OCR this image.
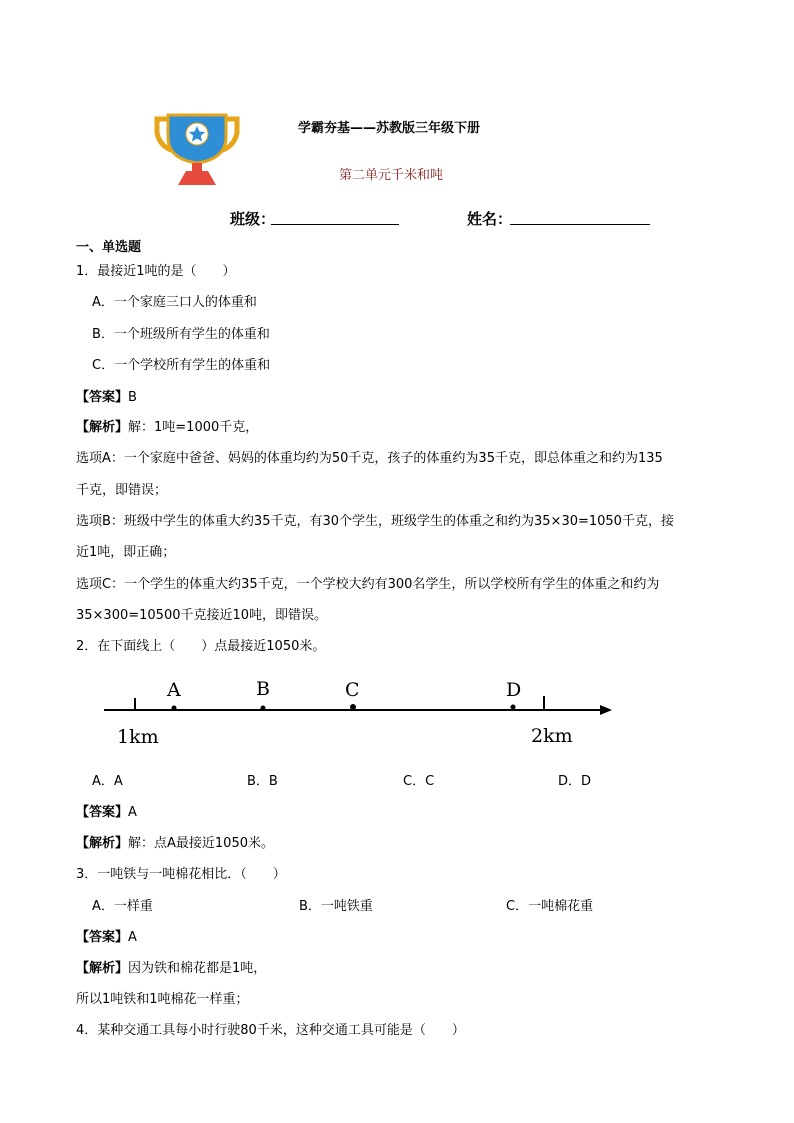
学霸夯基——苏教版三年级下册
第二单元千米和吨
班级：	姓名：
一、单选题
1．最接近1吨的是（　　）
A．一个家庭三口人的体重和
B．一个班级所有学生的体重和
C．一个学校所有学生的体重和
【答案】B
【解析】解：1吨=1000千克，
选项A：一个家庭中爸爸、妈妈的体重均约为50千克，孩子的体重约为35千克，即总体重之和约为135
千克，即错误；
选项B：班级中学生的体重大约35千克，有30个学生，班级学生的体重之和约为35×30=1050千克，接
近1吨，即正确；
选项C：一个学生的体重大约35千克，一个学校大约有300名学生，所以学校所有学生的体重之和约为
35×300=10500千克接近10吨，即错误。
2．在下面线上（　　）点最接近1050米。
A	B	C	D
1km	2km
A．A	B．B	C．C	D．D
【答案】A
【解析】解：点A最接近1050米。
3．一吨铁与一吨棉花相比．（　　）
A．一样重	B．一吨铁重	C．一吨棉花重
【答案】A
【解析】因为铁和棉花都是1吨，
所以1吨铁和1吨棉花一样重；
4．某种交通工具每小时行驶80千米，这种交通工具可能是（　　）
